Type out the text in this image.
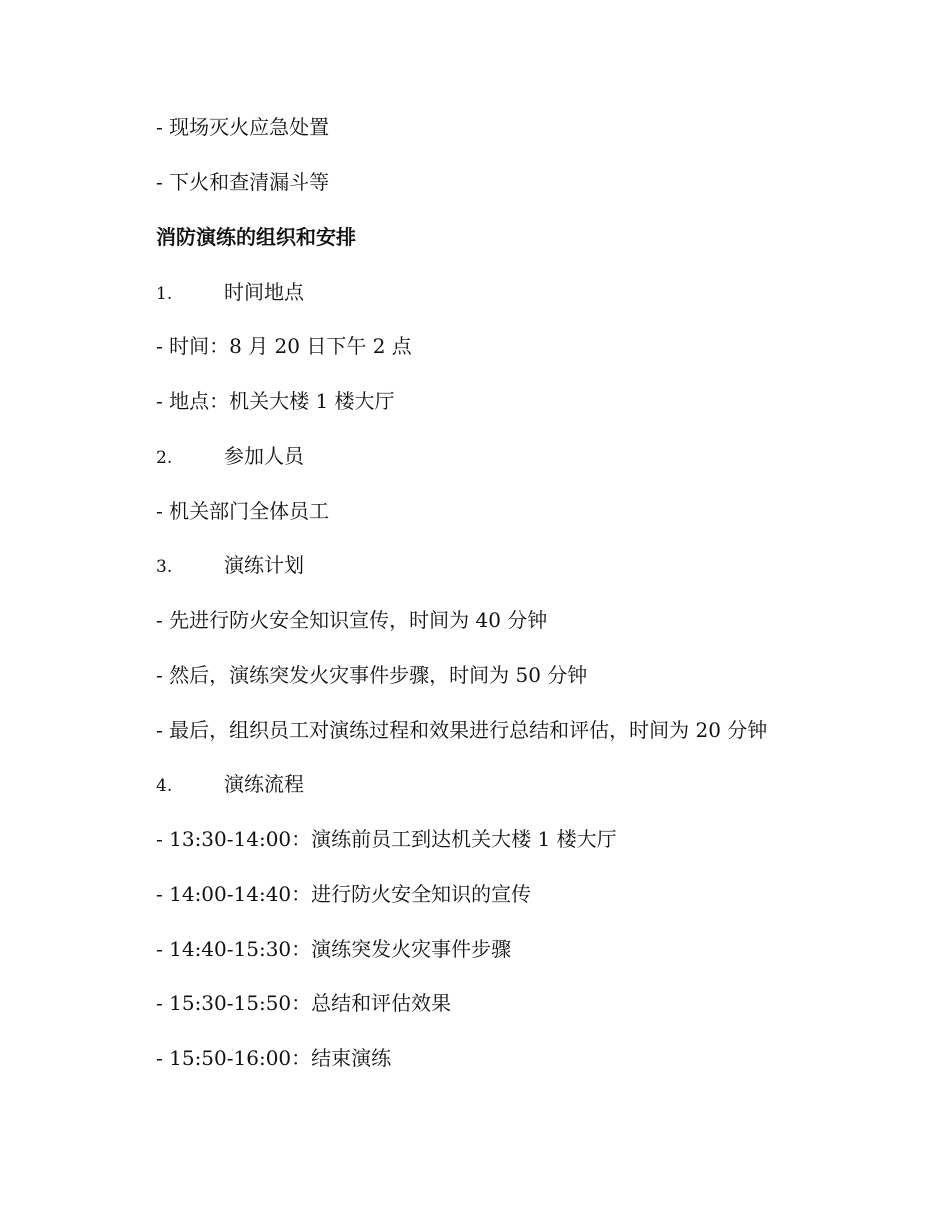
- 现场灭火应急处置
- 下火和查清漏斗等
消防演练的组织和安排
1.	时间地点
- 时间：8 月 20 日下午 2 点
- 地点：机关大楼 1 楼大厅
2.	参加人员
- 机关部门全体员工
3.	演练计划
- 先进行防火安全知识宣传，时间为 40 分钟
- 然后，演练突发火灾事件步骤，时间为 50 分钟
- 最后，组织员工对演练过程和效果进行总结和评估，时间为 20 分钟
4.	演练流程
- 13:30-14:00：演练前员工到达机关大楼 1 楼大厅
- 14:00-14:40：进行防火安全知识的宣传
- 14:40-15:30：演练突发火灾事件步骤
- 15:30-15:50：总结和评估效果
- 15:50-16:00：结束演练
